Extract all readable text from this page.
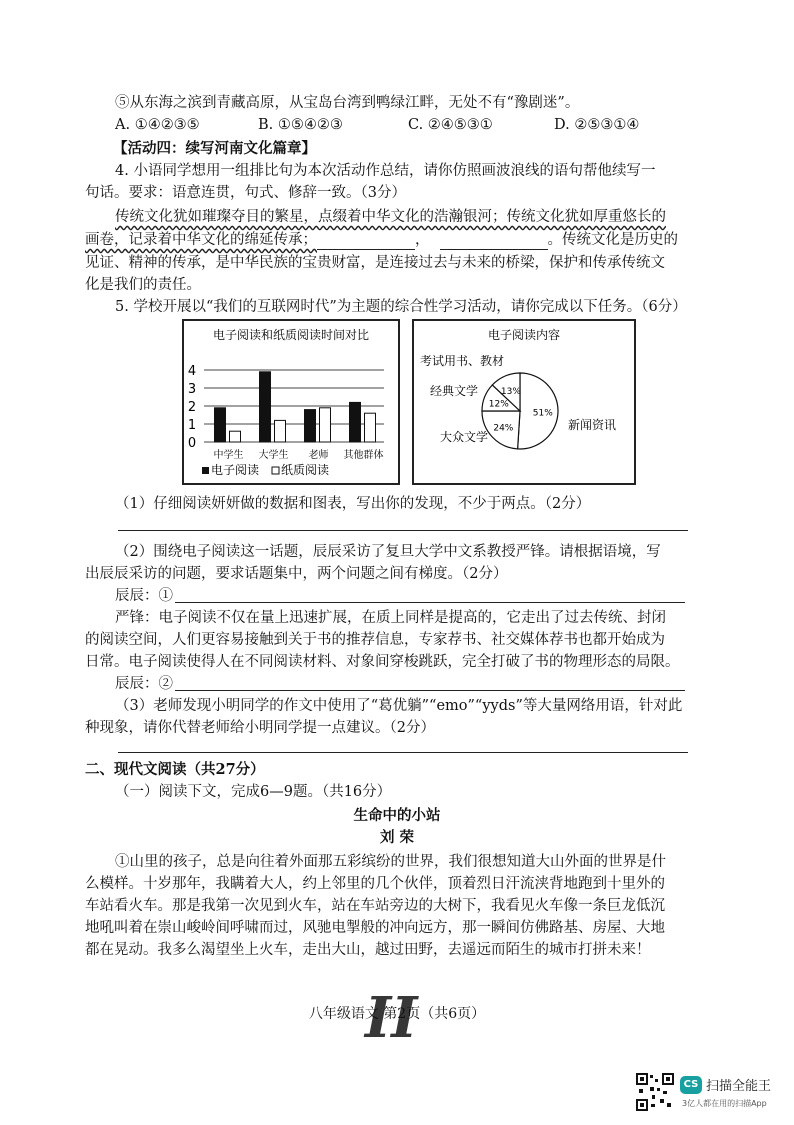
⑤从东海之滨到青藏高原，从宝岛台湾到鸭绿江畔，无处不有“豫剧迷”。
A. ①④②③⑤	B. ①⑤④②③	C. ②④⑤③①	D. ②⑤③①④
【活动四：续写河南文化篇章】
4. 小语同学想用一组排比句为本次活动作总结，请你仿照画波浪线的语句帮他续写一
句话。要求：语意连贯，句式、修辞一致。（3分）
传统文化犹如璀璨夺目的繁星，点缀着中华文化的浩瀚银河；传统文化犹如厚重悠长的
画卷，记录着中华文化的绵延传承；	，	。传统文化是历史的
见证、精神的传承，是中华民族的宝贵财富，是连接过去与未来的桥梁，保护和传承传统文
化是我们的责任。
5. 学校开展以“我们的互联网时代”为主题的综合性学习活动，请你完成以下任务。（6分）
电子阅读和纸质阅读时间对比
0
1
2
3
4
中学生 大学生 老师 其他群体
电子阅读 纸质阅读
电子阅读内容
51%
24%
12%
13%
考试用书、教材
经典文学
大众文学
新闻资讯
（1）仔细阅读妍妍做的数据和图表，写出你的发现，不少于两点。（2分）
（2）围绕电子阅读这一话题，辰辰采访了复旦大学中文系教授严锋。请根据语境，写
出辰辰采访的问题，要求话题集中，两个问题之间有梯度。（2分）
辰辰：①
严锋：电子阅读不仅在量上迅速扩展，在质上同样是提高的，它走出了过去传统、封闭
的阅读空间，人们更容易接触到关于书的推荐信息，专家荐书、社交媒体荐书也都开始成为
日常。电子阅读使得人在不同阅读材料、对象间穿梭跳跃，完全打破了书的物理形态的局限。
辰辰：②
（3）老师发现小明同学的作文中使用了“葛优躺”“emo”“yyds”等大量网络用语，针对此
种现象，请你代替老师给小明同学提一点建议。（2分）
二、现代文阅读（共27分）
（一）阅读下文，完成6—9题。（共16分）
生命中的小站
刘 荣
①山里的孩子，总是向往着外面那五彩缤纷的世界，我们很想知道大山外面的世界是什
么模样。十岁那年，我瞒着大人，约上邻里的几个伙伴，顶着烈日汗流浃背地跑到十里外的
车站看火车。那是我第一次见到火车，站在车站旁边的大树下，我看见火车像一条巨龙低沉
地吼叫着在崇山峻岭间呼啸而过，风驰电掣般的冲向远方，那一瞬间仿佛路基、房屋、大地
都在晃动。我多么渴望坐上火车，走出大山，越过田野，去遥远而陌生的城市打拼未来！
II
八年级语文 第2页（共6页）
CS 扫描全能王
3亿人都在用的扫描App
